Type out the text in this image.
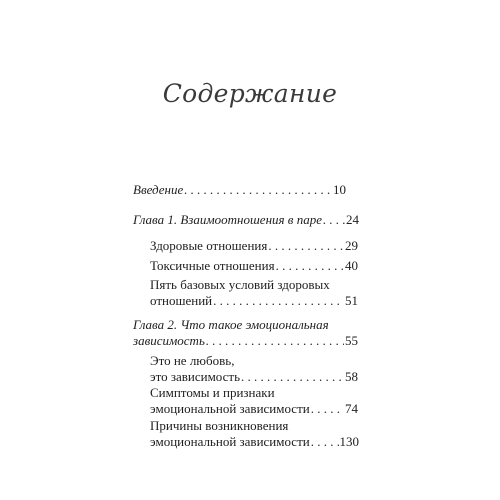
Содержание
Введение . . .	10
Глава 1. Взаимоотношения в паре . . . 24
Здоровые отношения . . .	29
Токсичные отношения . . .	40
Пять базовых условий здоровых
отношений . . .	51
Глава 2. Что такое эмоциональная
зависимость . . .	55
Это не любовь,
это зависимость . . .	58
Симптомы и признаки
эмоциональной зависимости . . .	74
Причины возникновения
эмоциональной зависимости . . . 130
